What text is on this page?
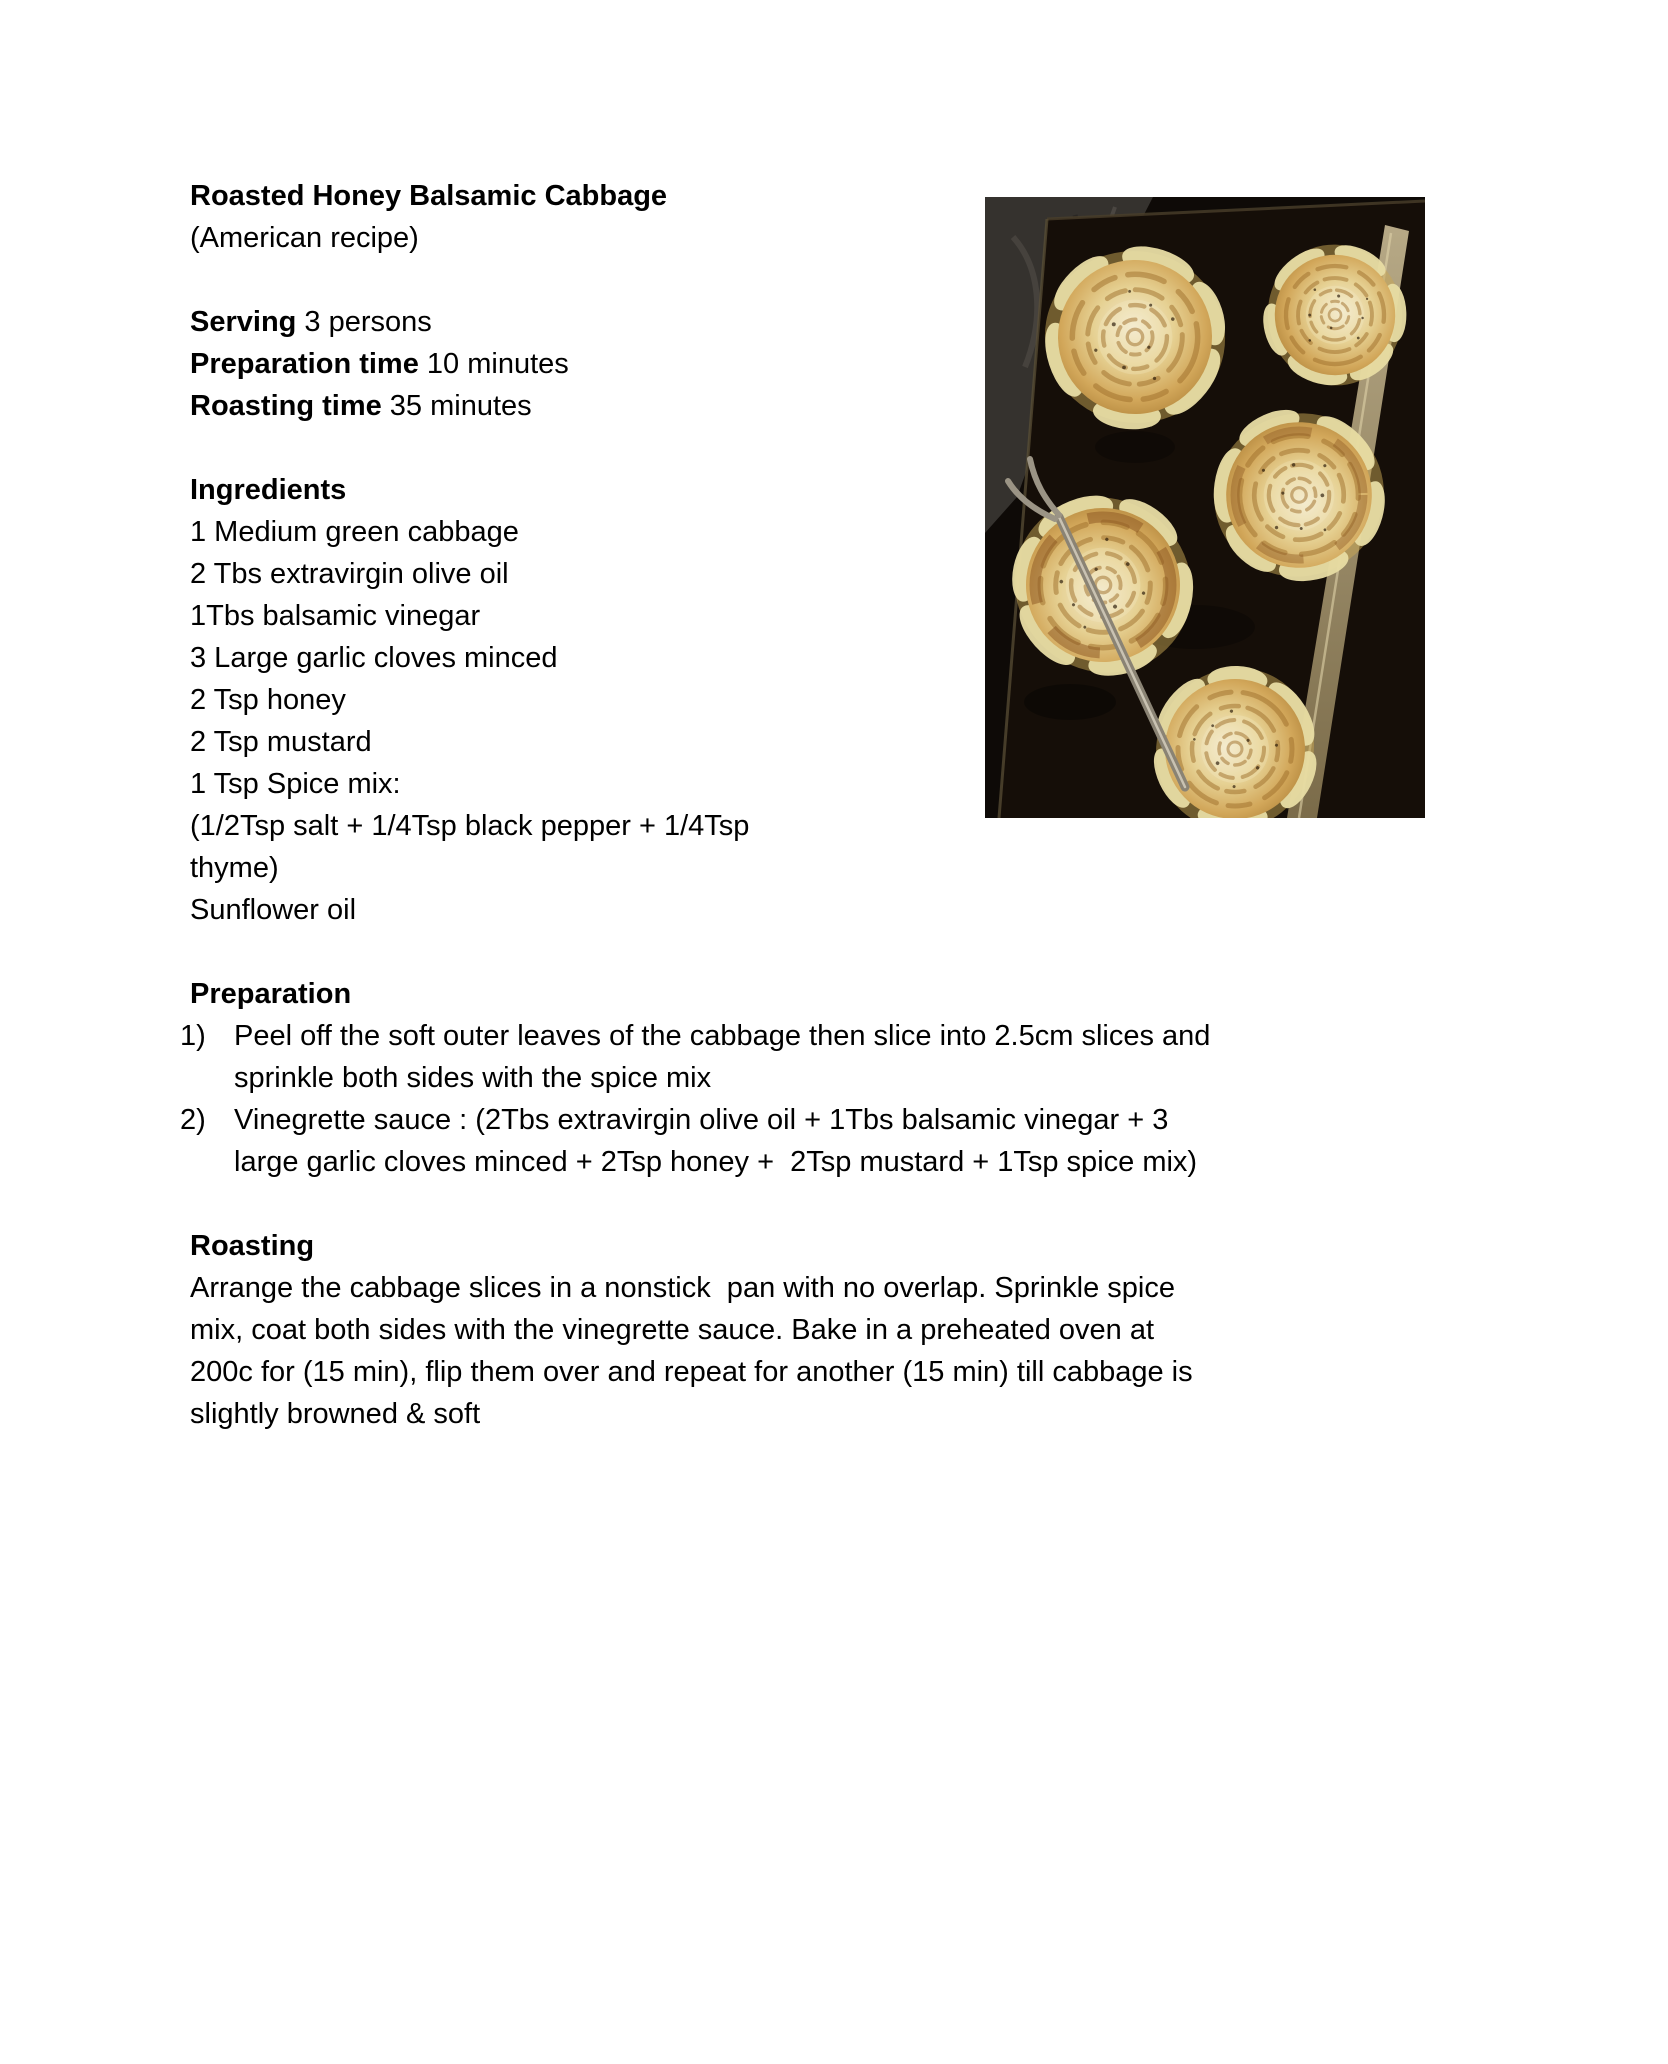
Roasted Honey Balsamic Cabbage
(American recipe)
Serving 3 persons
Preparation time 10 minutes
Roasting time 35 minutes
Ingredients
1 Medium green cabbage
2 Tbs extravirgin olive oil
1Tbs balsamic vinegar
3 Large garlic cloves minced
2 Tsp honey
2 Tsp mustard
1 Tsp Spice mix:
(1/2Tsp salt + 1/4Tsp black pepper + 1/4Tsp
thyme)
Sunflower oil
Preparation
1) Peel off the soft outer leaves of the cabbage then slice into 2.5cm slices and
sprinkle both sides with the spice mix
2) Vinegrette sauce : (2Tbs extravirgin olive oil + 1Tbs balsamic vinegar + 3
large garlic cloves minced + 2Tsp honey +  2Tsp mustard + 1Tsp spice mix)
Roasting
Arrange the cabbage slices in a nonstick  pan with no overlap. Sprinkle spice
mix, coat both sides with the vinegrette sauce. Bake in a preheated oven at
200c for (15 min), flip them over and repeat for another (15 min) till cabbage is
slightly browned & soft
